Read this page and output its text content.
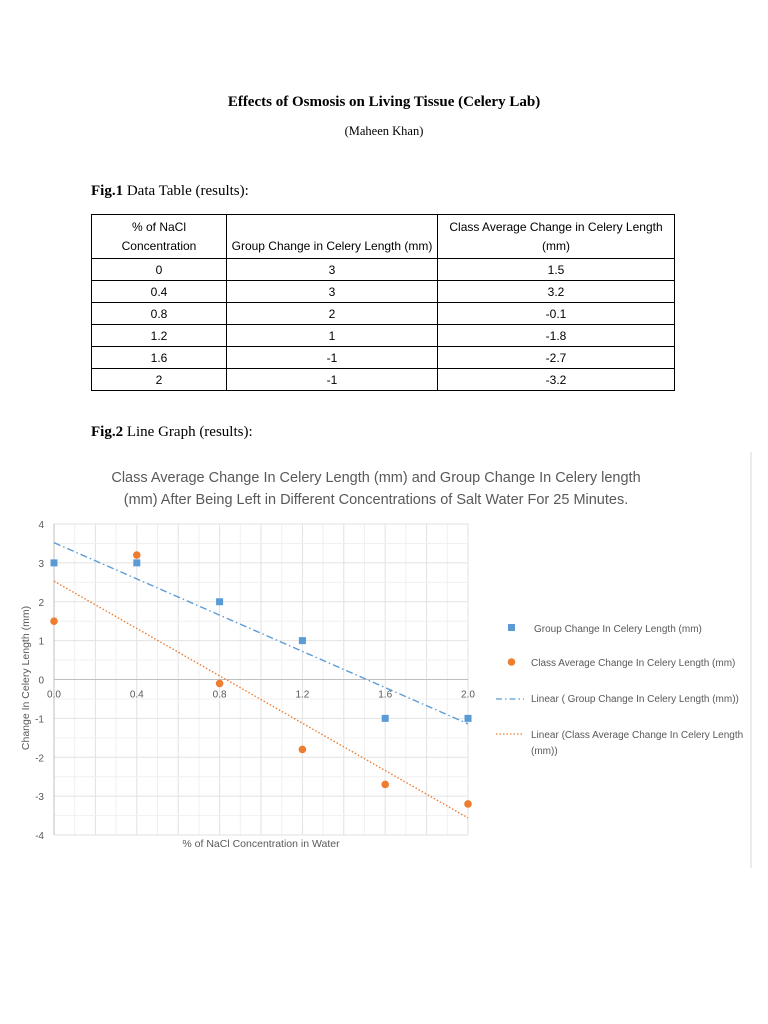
Effects of Osmosis on Living Tissue (Celery Lab)
(Maheen Khan)
Fig.1 Data Table (results):
% of NaCl Concentration	Group Change in Celery Length (mm)	Class Average Change in Celery Length (mm)
0	3	1.5
0.4	3	3.2
0.8	2	-0.1
1.2	1	-1.8
1.6	-1	-2.7
2	-1	-3.2
Fig.2 Line Graph (results):
Class Average Change In Celery Length (mm) and Group Change In Celery length
(mm) After Being Left in Different Concentrations of Salt Water For 25 Minutes.
4
3
2
1
0
-1
-2
-3
-4
0.0	0.4	0.8	1.2	1.6	2.0
% of NaCl Concentration in Water
Change In Celery Length (mm)	Group Change In Celery Length (mm)
Class Average Change In Celery Length (mm)
Linear ( Group Change In Celery Length (mm))
Linear (Class Average Change In Celery Length
(mm))
